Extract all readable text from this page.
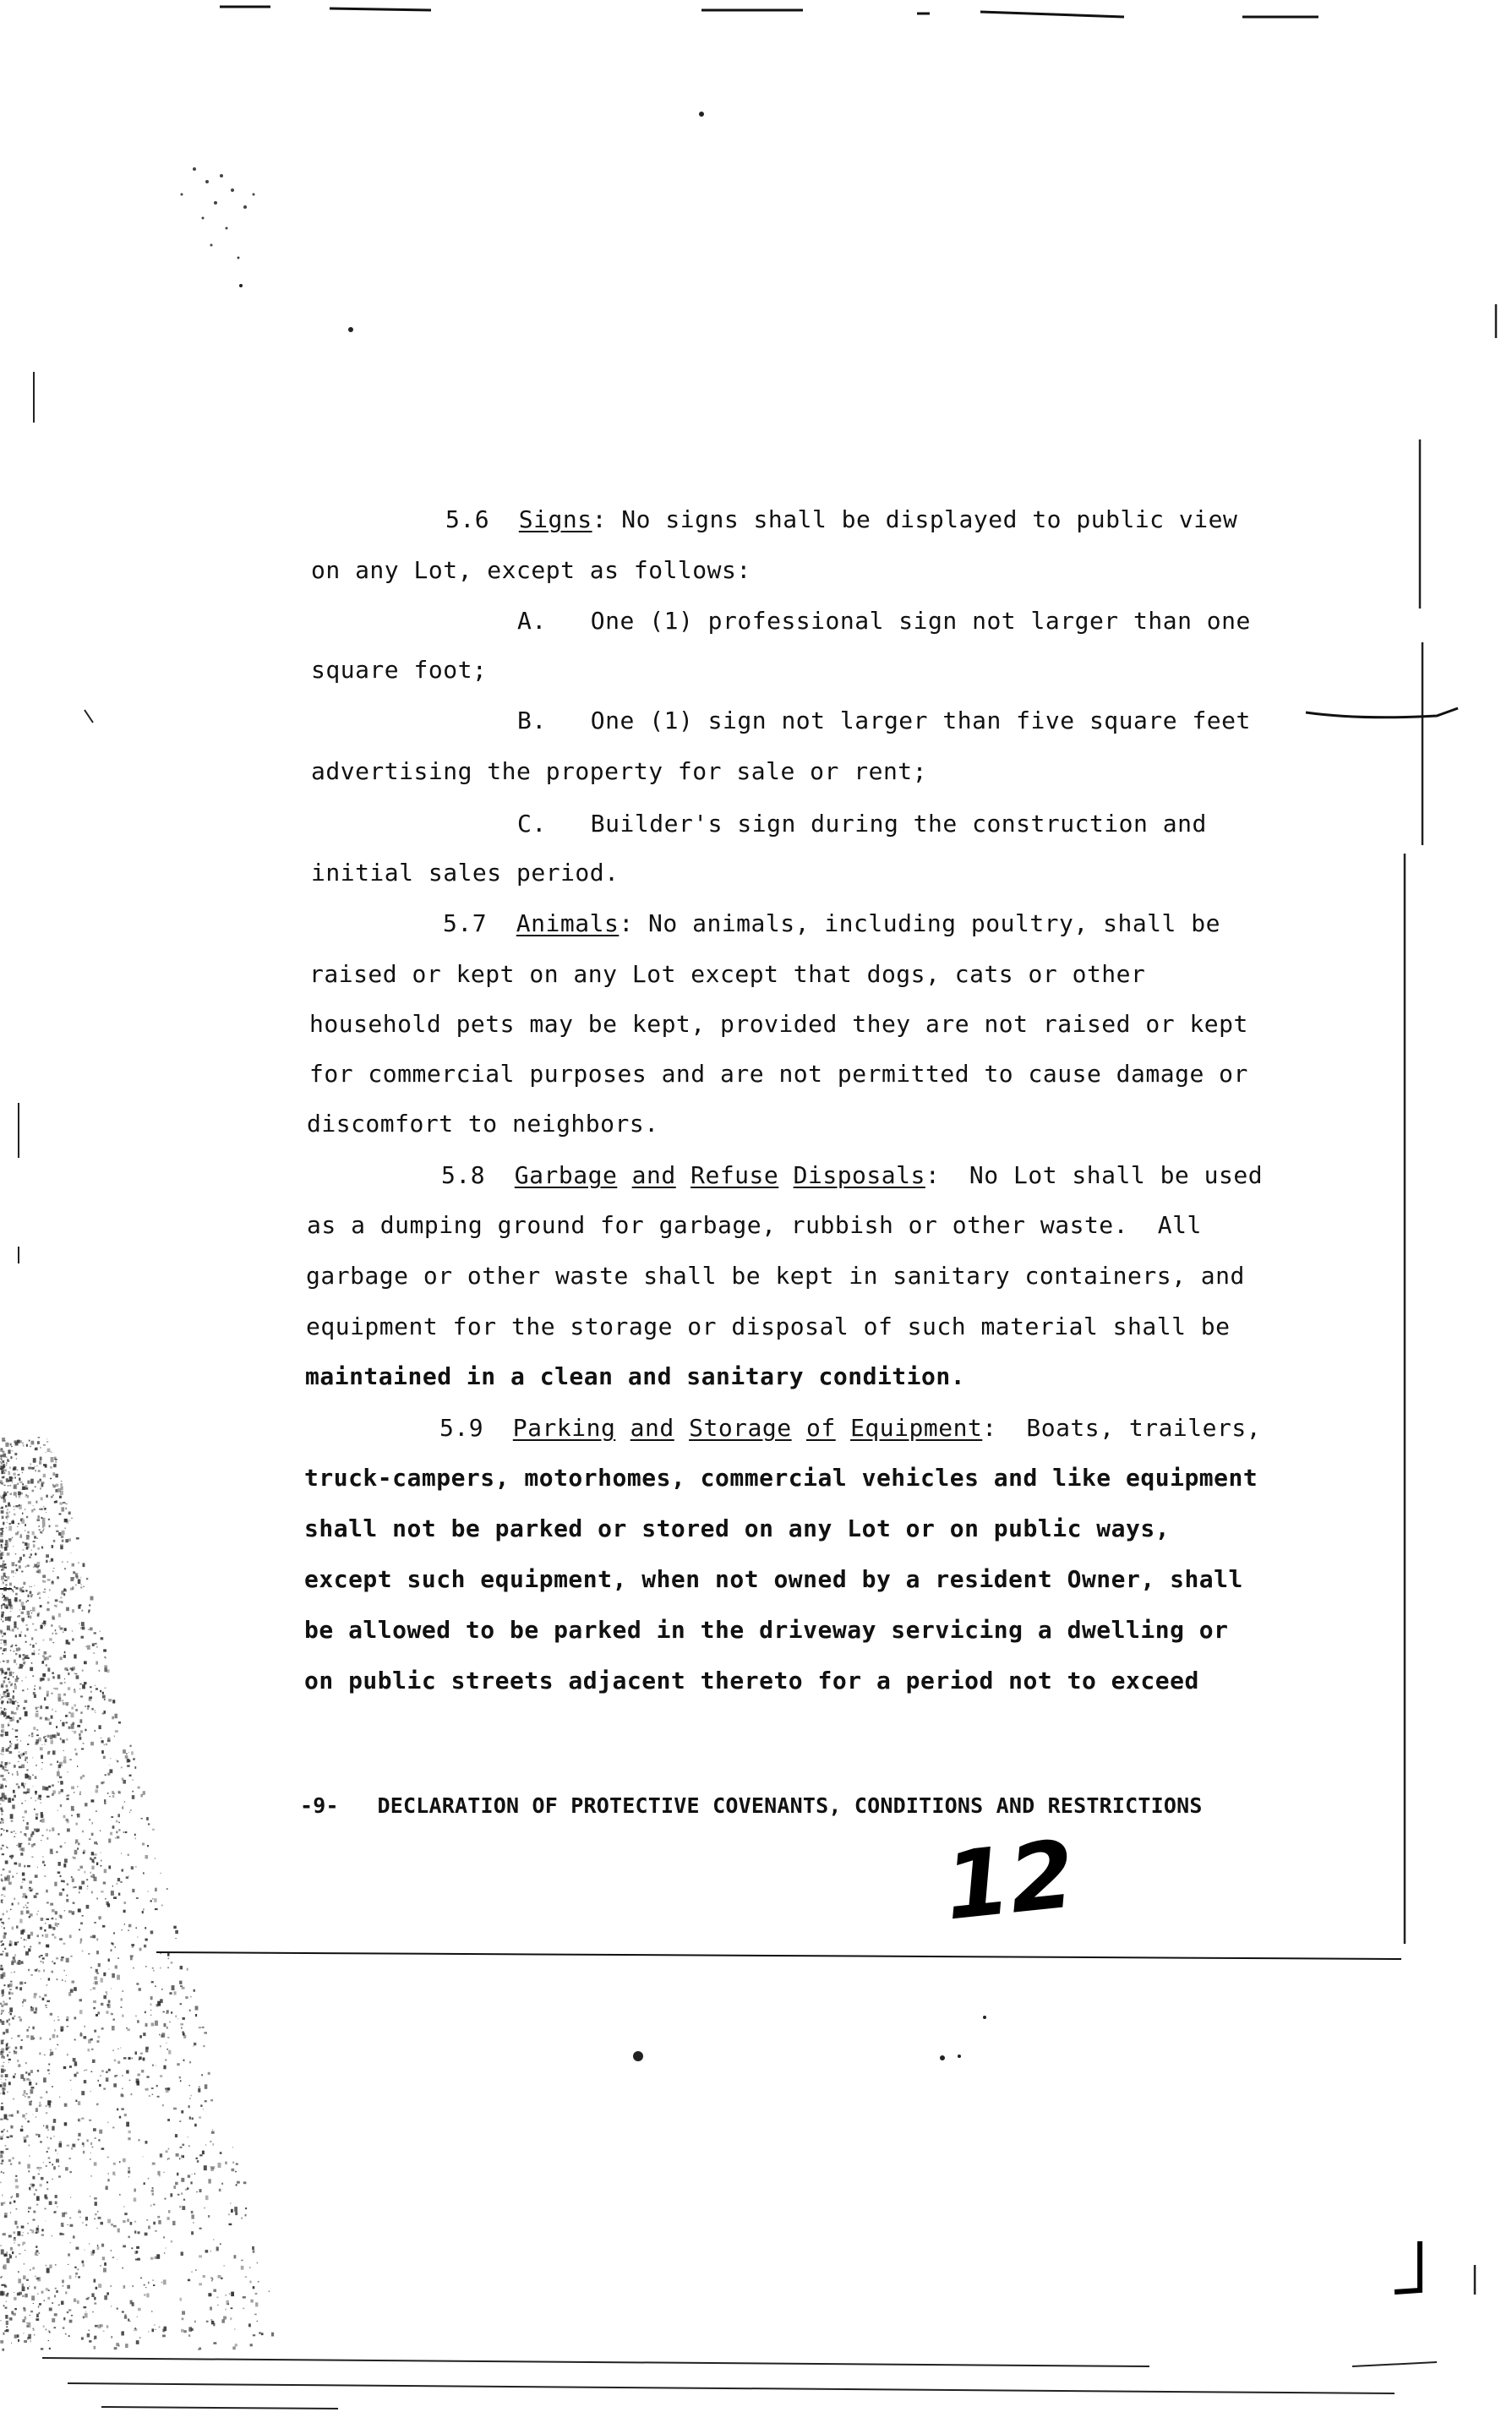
5.6 Signs: No signs shall be displayed to public view
on any Lot, except as follows:
A. One (1) professional sign not larger than one
square foot;
B. One (1) sign not larger than five square feet
advertising the property for sale or rent;
C. Builder's sign during the construction and
initial sales period.
5.7 Animals: No animals, including poultry, shall be
raised or kept on any Lot except that dogs, cats or other
household pets may be kept, provided they are not raised or kept
for commercial purposes and are not permitted to cause damage or
discomfort to neighbors.
5.8 Garbage and Refuse Disposals:  No Lot shall be used
as a dumping ground for garbage, rubbish or other waste.  All
garbage or other waste shall be kept in sanitary containers, and
equipment for the storage or disposal of such material shall be
maintained in a clean and sanitary condition.
5.9 Parking and Storage of Equipment:  Boats, trailers,
truck-campers, motorhomes, commercial vehicles and like equipment
shall not be parked or stored on any Lot or on public ways,
except such equipment, when not owned by a resident Owner, shall
be allowed to be parked in the driveway servicing a dwelling or
on public streets adjacent thereto for a period not to exceed
-9- DECLARATION OF PROTECTIVE COVENANTS, CONDITIONS AND RESTRICTIONS
12
